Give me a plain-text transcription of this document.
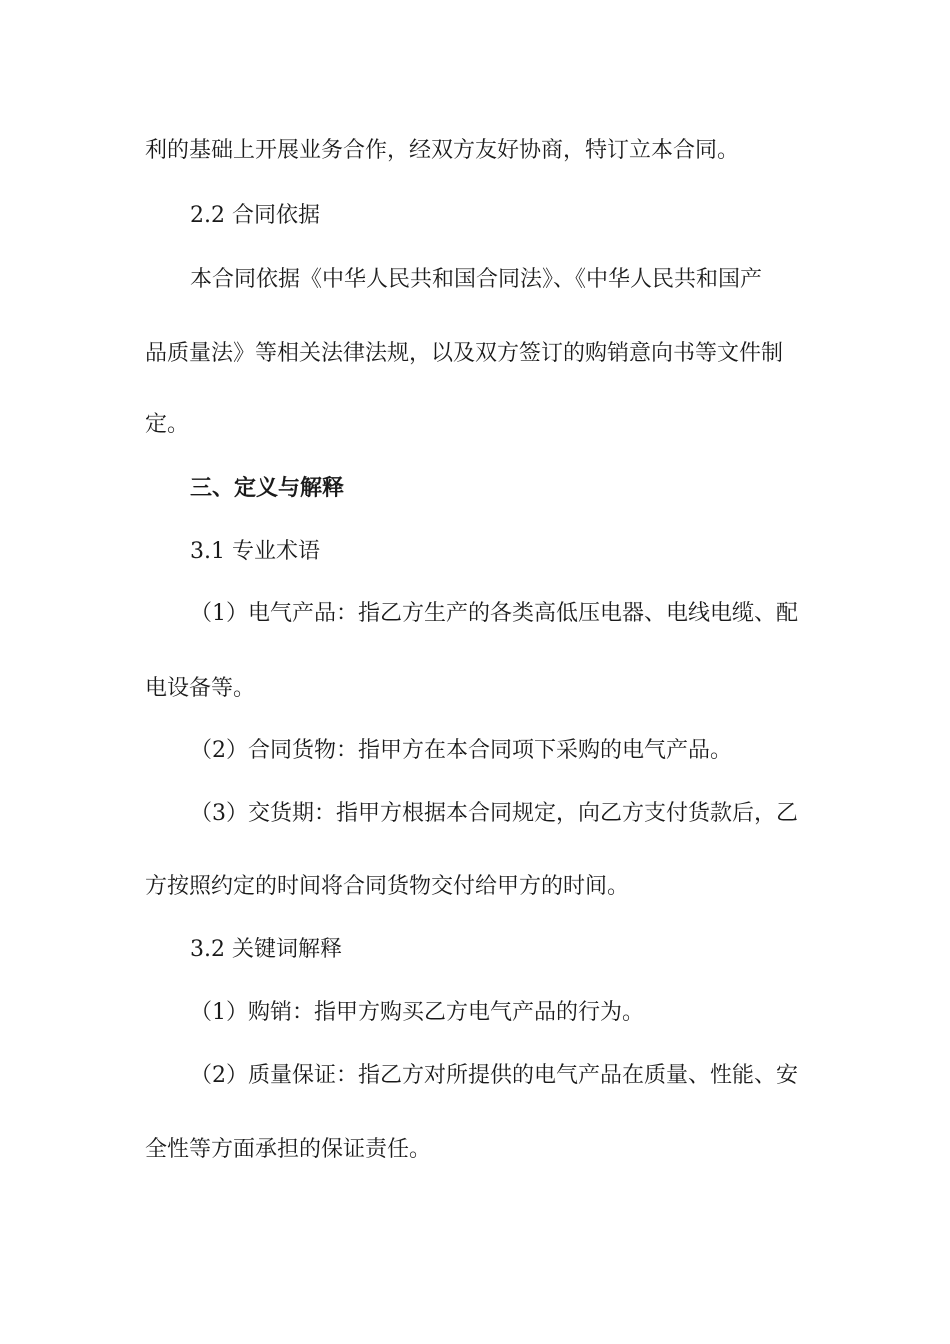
利的基础上开展业务合作，经双方友好协商，特订立本合同。
2.2 合同依据
本合同依据《中华人民共和国合同法》、《中华人民共和国产
品质量法》等相关法律法规，以及双方签订的购销意向书等文件制
定。
三、定义与解释
3.1 专业术语
（1）电气产品：指乙方生产的各类高低压电器、电线电缆、配
电设备等。
（2）合同货物：指甲方在本合同项下采购的电气产品。
（3）交货期：指甲方根据本合同规定，向乙方支付货款后，乙
方按照约定的时间将合同货物交付给甲方的时间。
3.2 关键词解释
（1）购销：指甲方购买乙方电气产品的行为。
（2）质量保证：指乙方对所提供的电气产品在质量、性能、安
全性等方面承担的保证责任。
